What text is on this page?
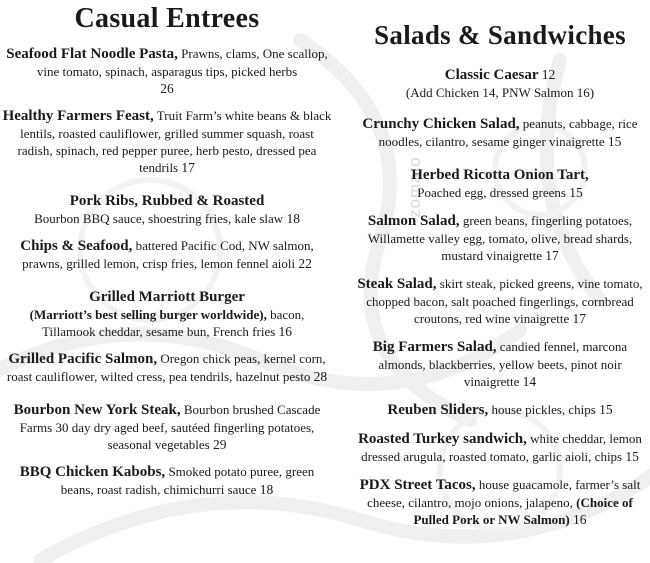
zomato
Casual Entrees
Seafood Flat Noodle Pasta, Prawns, clams, One scallop, vine tomato, spinach, asparagus tips, picked herbs
26
Healthy Farmers Feast, Truit Farm’s white beans & black lentils, roasted cauliflower, grilled summer squash, roast radish, spinach, red pepper puree, herb pesto, dressed pea tendrils 17
Pork Ribs, Rubbed & Roasted
Bourbon BBQ sauce, shoestring fries, kale slaw 18
Chips & Seafood, battered Pacific Cod, NW salmon, prawns, grilled lemon, crisp fries, lemon fennel aioli 22
Grilled Marriott Burger
(Marriott’s best selling burger worldwide), bacon, Tillamook cheddar, sesame bun, French fries 16
Grilled Pacific Salmon, Oregon chick peas, kernel corn, roast cauliflower, wilted cress, pea tendrils, hazelnut pesto 28
Bourbon New York Steak, Bourbon brushed Cascade Farms 30 day dry aged beef, sautéed fingerling potatoes, seasonal vegetables 29
BBQ Chicken Kabobs, Smoked potato puree, green beans, roast radish, chimichurri sauce 18
Salads & Sandwiches
Classic Caesar 12
(Add Chicken 14, PNW Salmon 16)
Crunchy Chicken Salad, peanuts, cabbage, rice noodles, cilantro, sesame ginger vinaigrette 15
Herbed Ricotta Onion Tart,
Poached egg, dressed greens 15
Salmon Salad, green beans, fingerling potatoes, Willamette valley egg, tomato, olive, bread shards, mustard vinaigrette 17
Steak Salad, skirt steak, picked greens, vine tomato, chopped bacon, salt poached fingerlings, cornbread croutons, red wine vinaigrette 17
Big Farmers Salad, candied fennel, marcona almonds, blackberries, yellow beets, pinot noir vinaigrette 14
Reuben Sliders, house pickles, chips 15
Roasted Turkey sandwich, white cheddar, lemon dressed arugula, roasted tomato, garlic aioli, chips 15
PDX Street Tacos, house guacamole, farmer’s salt cheese, cilantro, mojo onions, jalapeno, (Choice of Pulled Pork or NW Salmon) 16
